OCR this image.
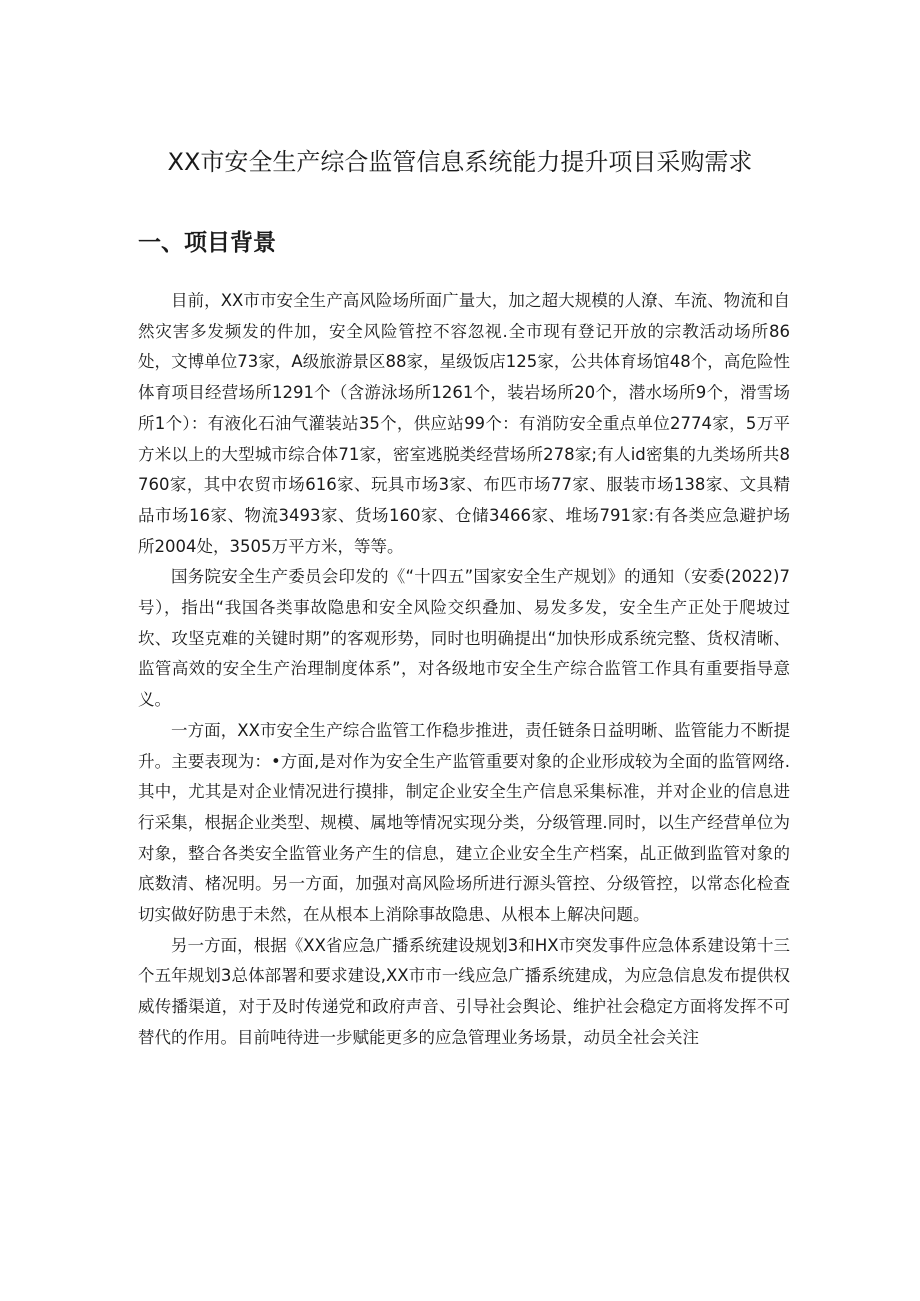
XX市安全生产综合监管信息系统能力提升项目采购需求
一、项目背景

目前，XX市市安全生产高风险场所面广量大，加之超大规模的人潦、车流、物流和自然灾害多发频发的件加，安全风险管控不容忽视.全市现有登记开放的宗教活动场所86处，文博单位73家，A级旅游景区88家，星级饭店125家，公共体育场馆48个，高危险性体育项目经营场所1291个（含游泳场所1261个，装岩场所20个，潜水场所9个，滑雪场所1个）：有液化石油气灌装站35个，供应站99个：有消防安全重点单位2774家，5万平方米以上的大型城市综合体71家，密室逃脱类经营场所278家;有人id密集的九类场所共8760家，其中农贸市场616家、玩具市场3家、布匹市场77家、服装市场138家、文具精品市场16家、物流3493家、货场160家、仓储3466家、堆场791家:有各类应急避护场所2004处，3505万平方米，等等。

国务院安全生产委员会印发的《“十四五”国家安全生产规划》的通知（安委(2022)7号），指出“我国各类事故隐患和安全风险交织叠加、易发多发，安全生产正处于爬坡过坎、攻坚克难的关键时期”的客观形势，同时也明确提出“加快形成系统完整、货权清晰、监管高效的安全生产治理制度体系”，对各级地市安全生产综合监管工作具有重要指导意义。

一方面，XX市安全生产综合监管工作稳步推进，责任链条日益明晰、监管能力不断提升。主要表现为：•方面,是对作为安全生产监管重要对象的企业形成较为全面的监管网络.其中，尤其是对企业情况进行摸排，制定企业安全生产信息采集标准，并对企业的信息进行采集，根据企业类型、规模、属地等情况实现分类，分级管理.同时，以生产经营单位为对象，整合各类安全监管业务产生的信息，建立企业安全生产档案，乩正做到监管对象的底数清、楮况明。另一方面，加强对高风险场所进行源头管控、分级管控，以常态化检查切实做好防患于未然，在从根本上消除事故隐患、从根本上解决问题。

另一方面，根据《XX省应急广播系统建设规划3和HX市突发事件应急体系建设第十三个五年规划3总体部署和要求建设,XX市市一线应急广播系统建成，为应急信息发布提供权威传播渠道，对于及时传递党和政府声音、引导社会舆论、维护社会稳定方面将发挥不可替代的作用。目前吨待进一步赋能更多的应急管理业务场景，动员全社会关注
